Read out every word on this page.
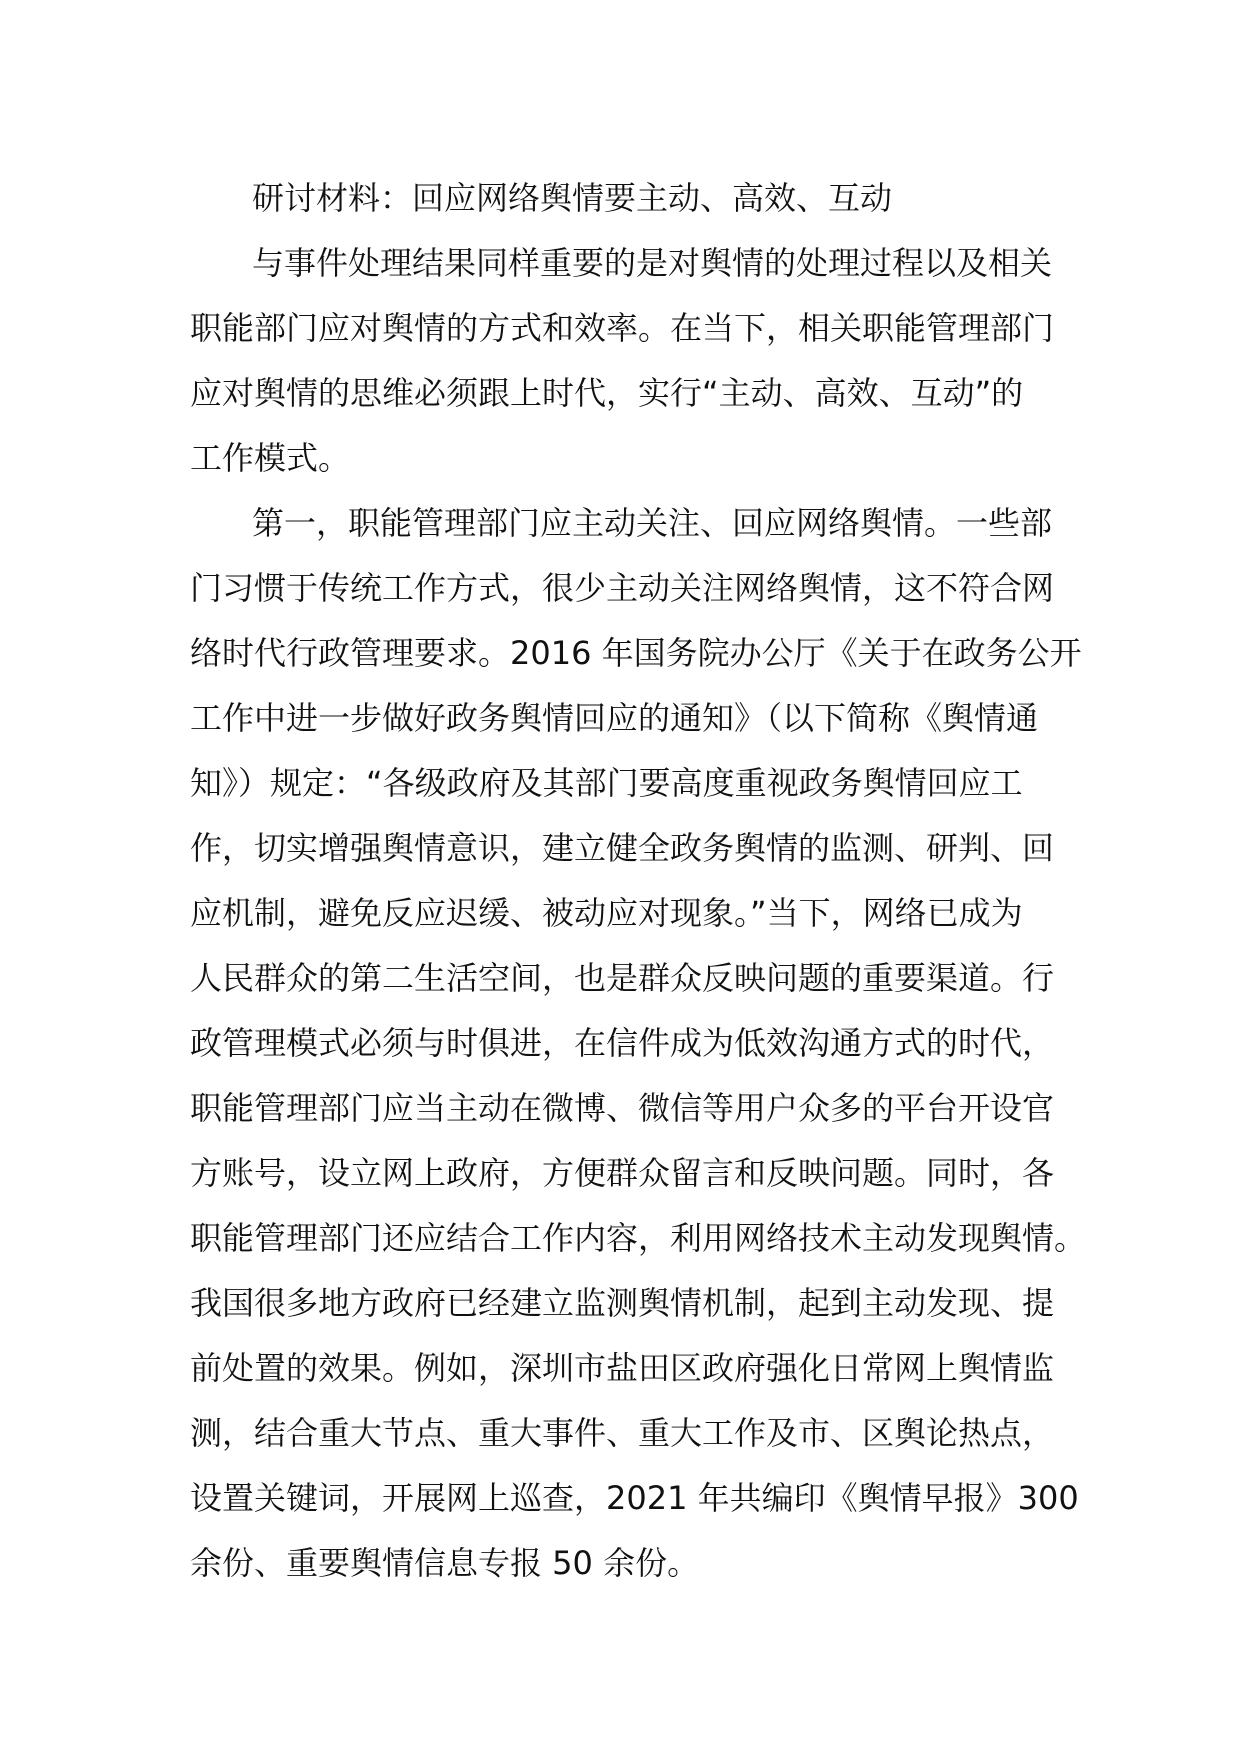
研讨材料：回应网络舆情要主动、高效、互动
与事件处理结果同样重要的是对舆情的处理过程以及相关
职能部门应对舆情的方式和效率。在当下，相关职能管理部门
应对舆情的思维必须跟上时代，实行“主动、高效、互动”的
工作模式。
第一，职能管理部门应主动关注、回应网络舆情。一些部
门习惯于传统工作方式，很少主动关注网络舆情，这不符合网
络时代行政管理要求。2016 年国务院办公厅《关于在政务公开
工作中进一步做好政务舆情回应的通知》（以下简称《舆情通
知》）规定：“各级政府及其部门要高度重视政务舆情回应工
作，切实增强舆情意识，建立健全政务舆情的监测、研判、回
应机制，避免反应迟缓、被动应对现象。”当下，网络已成为
人民群众的第二生活空间，也是群众反映问题的重要渠道。行
政管理模式必须与时俱进，在信件成为低效沟通方式的时代，
职能管理部门应当主动在微博、微信等用户众多的平台开设官
方账号，设立网上政府，方便群众留言和反映问题。同时，各
职能管理部门还应结合工作内容，利用网络技术主动发现舆情。
我国很多地方政府已经建立监测舆情机制，起到主动发现、提
前处置的效果。例如，深圳市盐田区政府强化日常网上舆情监
测，结合重大节点、重大事件、重大工作及市、区舆论热点，
设置关键词，开展网上巡查，2021 年共编印《舆情早报》300
余份、重要舆情信息专报 50 余份。
